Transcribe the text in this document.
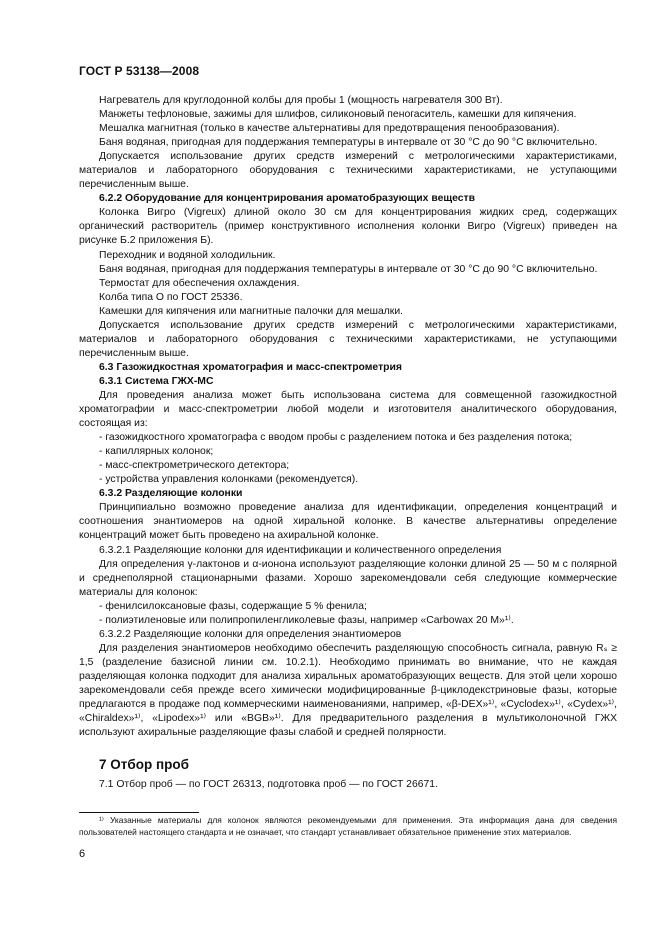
ГОСТ Р 53138—2008
Нагреватель для круглодонной колбы для пробы 1 (мощность нагревателя 300 Вт).
Манжеты тефлоновые, зажимы для шлифов, силиконовый пеногаситель, камешки для кипячения.
Мешалка магнитная (только в качестве альтернативы для предотвращения пенообразования).
Баня водяная, пригодная для поддержания температуры в интервале от 30 °C до 90 °C включительно.
Допускается использование других средств измерений с метрологическими характеристиками, материалов и лабораторного оборудования с техническими характеристиками, не уступающими перечисленным выше.
6.2.2 Оборудование для концентрирования ароматобразующих веществ
Колонка Вигро (Vigreux) длиной около 30 см для концентрирования жидких сред, содержащих органический растворитель (пример конструктивного исполнения колонки Вигро (Vigreux) приведен на рисунке Б.2 приложения Б).
Переходник и водяной холодильник.
Баня водяная, пригодная для поддержания температуры в интервале от 30 °C до 90 °C включительно.
Термостат для обеспечения охлаждения.
Колба типа О по ГОСТ 25336.
Камешки для кипячения или магнитные палочки для мешалки.
Допускается использование других средств измерений с метрологическими характеристиками, материалов и лабораторного оборудования с техническими характеристиками, не уступающими перечисленным выше.
6.3 Газожидкостная хроматография и масс-спектрометрия
6.3.1 Система ГЖХ-МС
Для проведения анализа может быть использована система для совмещенной газожидкостной хроматографии и масс-спектрометрии любой модели и изготовителя аналитического оборудования, состоящая из:
- газожидкостного хроматографа с вводом пробы с разделением потока и без разделения потока;
- капиллярных колонок;
- масс-спектрометрического детектора;
- устройства управления колонками (рекомендуется).
6.3.2 Разделяющие колонки
Принципиально возможно проведение анализа для идентификации, определения концентраций и соотношения энантиомеров на одной хиральной колонке. В качестве альтернативы определение концентраций может быть проведено на ахиральной колонке.
6.3.2.1 Разделяющие колонки для идентификации и количественного определения
Для определения γ-лактонов и α-ионона используют разделяющие колонки длиной 25 — 50 м с полярной и среднеполярной стационарными фазами. Хорошо зарекомендовали себя следующие коммерческие материалы для колонок:
- фенилсилоксановые фазы, содержащие 5 % фенила;
- полиэтиленовые или полипропиленгликолевые фазы, например «Carbowax 20 M»¹⁾.
6.3.2.2 Разделяющие колонки для определения энантиомеров
Для разделения энантиомеров необходимо обеспечить разделяющую способность сигнала, равную Rₛ ≥ 1,5 (разделение базисной линии см. 10.2.1). Необходимо принимать во внимание, что не каждая разделяющая колонка подходит для анализа хиральных ароматобразующих веществ. Для этой цели хорошо зарекомендовали себя прежде всего химически модифицированные β-циклодекстриновые фазы, которые предлагаются в продаже под коммерческими наименованиями, например, «β-DEX»¹⁾, «Cyclodex»¹⁾, «Cydex»¹⁾, «Chiraldex»¹⁾, «Lipodex»¹⁾ или «BGB»¹⁾. Для предварительного разделения в мультиколоночной ГЖХ используют ахиральные разделяющие фазы слабой и средней полярности.
7 Отбор проб
7.1 Отбор проб — по ГОСТ 26313, подготовка проб — по ГОСТ 26671.
¹⁾ Указанные материалы для колонок являются рекомендуемыми для применения. Эта информация дана для сведения пользователей настоящего стандарта и не означает, что стандарт устанавливает обязательное применение этих материалов.
6
